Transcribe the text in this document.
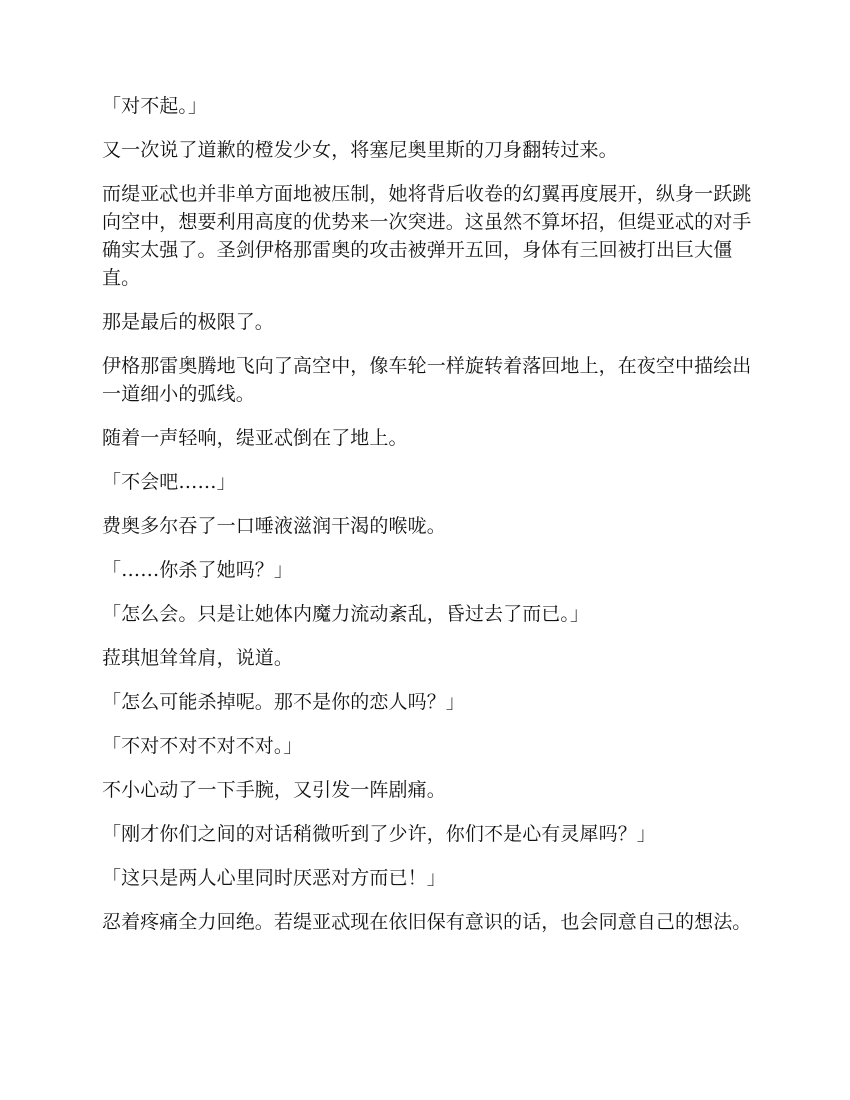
「对不起。」

又一次说了道歉的橙发少女，将塞尼奥里斯的刀身翻转过来。

而缇亚忒也并非单方面地被压制，她将背后收卷的幻翼再度展开，纵身一跃跳向空中，想要利用高度的优势来一次突进。这虽然不算坏招，但缇亚忒的对手确实太强了。圣剑伊格那雷奥的攻击被弹开五回，身体有三回被打出巨大僵直。

那是最后的极限了。

伊格那雷奥腾地飞向了高空中，像车轮一样旋转着落回地上，在夜空中描绘出一道细小的弧线。

随着一声轻响，缇亚忒倒在了地上。

「不会吧……」

费奥多尔吞了一口唾液滋润干渴的喉咙。

「……你杀了她吗？」

「怎么会。只是让她体内魔力流动紊乱，昏过去了而已。」

菈琪旭耸耸肩，说道。

「怎么可能杀掉呢。那不是你的恋人吗？」

「不对不对不对不对。」

不小心动了一下手腕，又引发一阵剧痛。

「刚才你们之间的对话稍微听到了少许，你们不是心有灵犀吗？」

「这只是两人心里同时厌恶对方而已！」

忍着疼痛全力回绝。若缇亚忒现在依旧保有意识的话，也会同意自己的想法。
